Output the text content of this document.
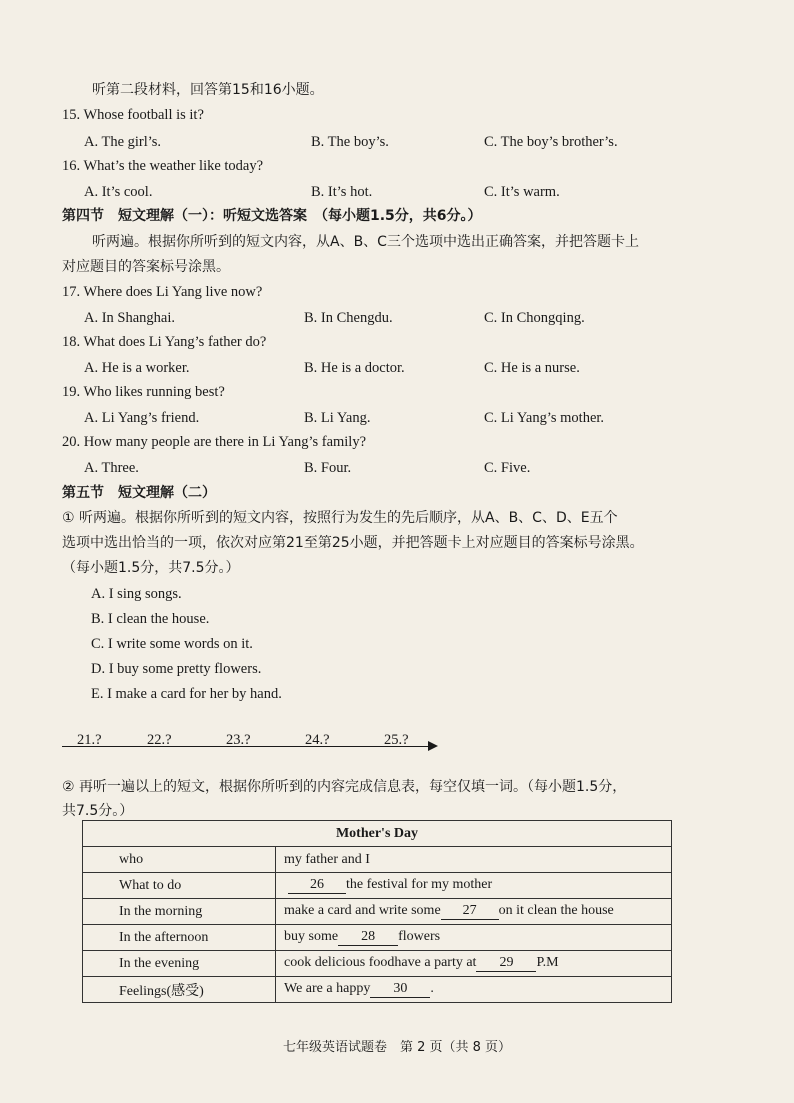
听第二段材料，回答第15和16小题。
15. Whose football is it?
A. The girl’s.	B. The boy’s.	C. The boy’s brother’s.
16. What’s the weather like today?
A. It’s cool.	B. It’s hot.	C. It’s warm.
第四节　短文理解（一）：听短文选答案　（每小题1.5分，共6分。）
听两遍。根据你所听到的短文内容，从A、B、C三个选项中选出正确答案，并把答题卡上
对应题目的答案标号涂黑。
17. Where does Li Yang live now?
A. In Shanghai.	B. In Chengdu.	C. In Chongqing.
18. What does Li Yang’s father do?
A. He is a worker.	B. He is a doctor.	C. He is a nurse.
19. Who likes running best?
A. Li Yang’s friend.	B. Li Yang.	C. Li Yang’s mother.
20. How many people are there in Li Yang’s family?
A. Three.	B. Four.	C. Five.
第五节　短文理解（二）
① 听两遍。根据你所听到的短文内容，按照行为发生的先后顺序，从A、B、C、D、E五个
选项中选出恰当的一项，依次对应第21至第25小题，并把答题卡上对应题目的答案标号涂黑。
（每小题1.5分，共7.5分。）
A. I sing songs.
B. I clean the house.
C. I write some words on it.
D. I buy some pretty flowers.
E. I make a card for her by hand.
21.?	22.?	23.?	24.?	25.?
② 再听一遍以上的短文，根据你所听到的内容完成信息表，每空仅填一词。（每小题1.5分，
共7.5分。）
Mother's Day	
who	my father and I
What to do	26 the festival for my mother
In the morning	make a card and write some 27 on it clean the house
In the afternoon	buy some 28 flowers
In the evening	cook delicious foodhave a party at 29 P.M
Feelings(感受)	We are a happy 30 .
七年级英语试题卷　第 2 页（共 8 页）
